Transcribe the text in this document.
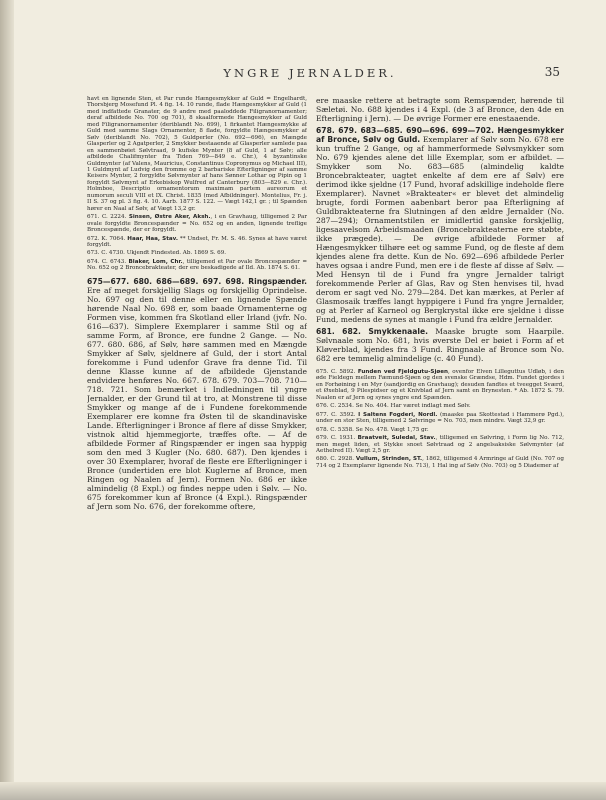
YNGRE JERNALDER.	35

havt en lignende Sten, et Par runde Hængesmykker af Guld = Engelhardt, Thorsbjerg Mosefund Pl. 4 fig. 14. 10 runde, flade Hængesmykker af Guld (1 med indfattede Granater, de 9 andre med paaloddede Filigranornamenter; deraf afbildede No. 700 og 701), 8 skaalformede Hængesmykker af Guld med Filigranornamenter (deriblandt No. 699), 1 firkantet Hængesmykke af Guld med samme Slags Ornamenter, 8 flade, forgyldte Hængesmykker af Sølv (deriblandt No. 702), 5 Guldperler (No. 692—696), en Mængde Glasperler og 2 Agatperler, 2 Smykker bestaaende af Glasperler samlede paa en sammenbøiet Sølvtraad, 9 kufiske Mynter (8 af Guld, 1 af Sølv; alle afbildede Chalifmynter fra Tiden 769—849 e. Chr.), 4 byzantinske Guldmynter (af Valens, Mauricius, Constantinus Copronymus og Michael III), 1 Guldmynt af Ludvig den fromme og 2 barbariske Efterligninger af samme Keisers Mynter, 2 forgyldte Sølvmynter af hans Sønner Lothar og Pipin og 1 forgyldt Sølvmynt af Erkebiskop Wulfred af Canterbury (803—829 e. Chr.). Holmboe, Descriptio ornamentorum maximam partem aureorum et numorum seculi VIII et IX. Christ. 1835 (med Afbildninger). Montelius, Fr. j. II S. 37 og pl. 3 fig. 4. 10. Aarb. 1877 S. 122. — Vægt 142,1 gr. ; til Spænden hører en Naal af Sølv, af Vægt 13,2 gr.

671. C. 2224. Sinsen, Østre Aker, Aksh., i en Gravhaug, tilligemed 2 Par ovale forgyldte Broncespænder = No. 652 og en anden, lignende treflige Broncespænde, der er forgyldt.

672. K. 7064. Haar, Haa, Stav. ** Undset, Fr. M. S. 46. Synes at have været forgyldt.

673. C. 4730. Ukjendt Findested. Ab. 1869 S. 69.

674. C. 6743. Blaker, Lom, Chr., tilligemed et Par ovale Broncespænder = No. 652 og 2 Broncebrakteater, der ere beskadigede af Ild. Ab. 1874 S. 61.

675—677. 680. 686—689. 697. 698. Ringspænder. Ere af meget forskjellig Slags og forskjellig Oprindelse. No. 697 og den til denne eller en lignende Spænde hørende Naal No. 698 er, som baade Ornamenterne og Formen vise, kommen fra Skotland eller Irland (jvfr. No. 616—637). Simplere Exemplarer i samme Stil og af samme Form, af Bronce, ere fundne 2 Gange. — No. 677. 680. 686, af Sølv, høre sammen med en Mængde Smykker af Sølv, sjeldnere af Guld, der i stort Antal forekomme i Fund udenfor Grave fra denne Tid. Til denne Klasse kunne af de afbildede Gjenstande endvidere henføres No. 667. 678. 679. 703—708. 710—718. 721. Som bemærket i Indledningen til yngre Jernalder, er der Grund til at tro, at Monstrene til disse Smykker og mange af de i Fundene forekommende Exemplarer ere komne fra Østen til de skandinaviske Lande. Efterligninger i Bronce af flere af disse Smykker, vistnok altid hjemmegjorte, træffes ofte. — Af de afbildede Former af Ringspænder er ingen saa hyppig som den med 3 Kugler (No. 680. 687). Den kjendes i over 30 Exemplarer, hvoraf de fleste ere Efterligninger i Bronce (undertiden ere blot Kuglerne af Bronce, men Ringen og Naalen af Jern). Formen No. 686 er ikke almindelig (8 Expl.) og findes neppe uden i Sølv. — No. 675 forekommer kun af Bronce (4 Expl.). Ringspænder af Jern som No. 676, der forekomme oftere,

ere maaske rettere at betragte som Remspænder, hørende til Sæletøi. No. 688 kjendes i 4 Expl. (de 3 af Bronce, den 4de en Efterligning i Jern). — De øvrige Former ere enestaaende.

678. 679. 683—685. 690—696. 699—702. Hængesmykker af Bronce, Sølv og Guld. Exemplarer af Sølv som No. 678 ere kun truffne 2 Gange, og af hammerformede Sølvsmykker som No. 679 kjendes alene det lille Exemplar, som er afbildet. — Smykker som No. 683—685 (almindelig kaldte Broncebrakteater, uagtet enkelte af dem ere af Sølv) ere derimod ikke sjeldne (17 Fund, hvoraf adskillige indeholde flere Exemplarer). Navnet »Brakteater« er blevet det almindelig brugte, fordi Formen aabenbart beror paa Efterligning af Guldbrakteaterne fra Slutningen af den ældre Jernalder (No. 287—294); Ornamentstilen er imidlertid ganske forskjellig, ligesaavelsom Arbeidsmaaden (Broncebrakteaterne ere støbte, ikke prægede). — De øvrige afbildede Former af Hængesmykker tilhøre eet og samme Fund, og de fleste af dem kjendes alene fra dette. Kun de No. 692—696 afbildede Perler haves ogsaa i andre Fund, men ere i de fleste af disse af Sølv. — Med Hensyn til de i Fund fra yngre Jernalder talrigt forekommende Perler af Glas, Rav og Sten henvises til, hvad derom er sagt ved No. 279—284. Det kan mærkes, at Perler af Glasmosaik træffes langt hyppigere i Fund fra yngre Jernalder, og at Perler af Karneol og Bergkrystal ikke ere sjeldne i disse Fund, medens de synes at mangle i Fund fra ældre Jernalder.

681. 682. Smykkenaale. Maaske brugte som Haarpile. Sølvnaale som No. 681, hvis øverste Del er bøiet i Form af et Kløverblad, kjendes fra 3 Fund. Ringnaale af Bronce som No. 682 ere temmelig almindelige (c. 40 Fund).

675. C. 5892. Funden ved Fjeldgutu-Sjøen, ovenfor Elven Lilleguttus Udløb, i den øde Fieldegn mellem Fæmund-Sjøen og den svenske Grændse, Hdm. Fundet gjordes i en Forhøining i en Myr (sandjordig en Gravhaug); desuden fandtes et tveegget Sværd, et Øxeblad, 9 Pilespidser og et Knivblad af Jern samt en Brynesten. * Ab. 1872 S. 79. Naalen er af Jern og synes yngre end Spænden.

676. C. 2534. Se No. 404. Har været indlagt med Sølv.

677. C. 3592. I Saltens Fogderi, Nordl. (maaske paa Skottestad i Hammerø Pgd.), under en stor Sten, tilligemed 2 Sølvringe = No. 703, men mindre. Vægt 32,9 gr.

678. C. 5358. Se No. 478. Vægt 1,75 gr.

679. C. 1931. Braatveit, Suledal, Stav., tilligemed en Sølvring, i Form lig No. 712, men meget liden, et Stykke snoet Sølvtraad og 2 angelsaksiske Sølvmynter (af Aethelred II). Vægt 2,5 gr.

680. C. 2928. Vullum, Strinden, ST., 1862, tilligemed 4 Armringe af Guld (No. 707 og 714 og 2 Exemplarer lignende No. 713), 1 Hal ing af Sølv (No. 703) og 5 Diademer af
